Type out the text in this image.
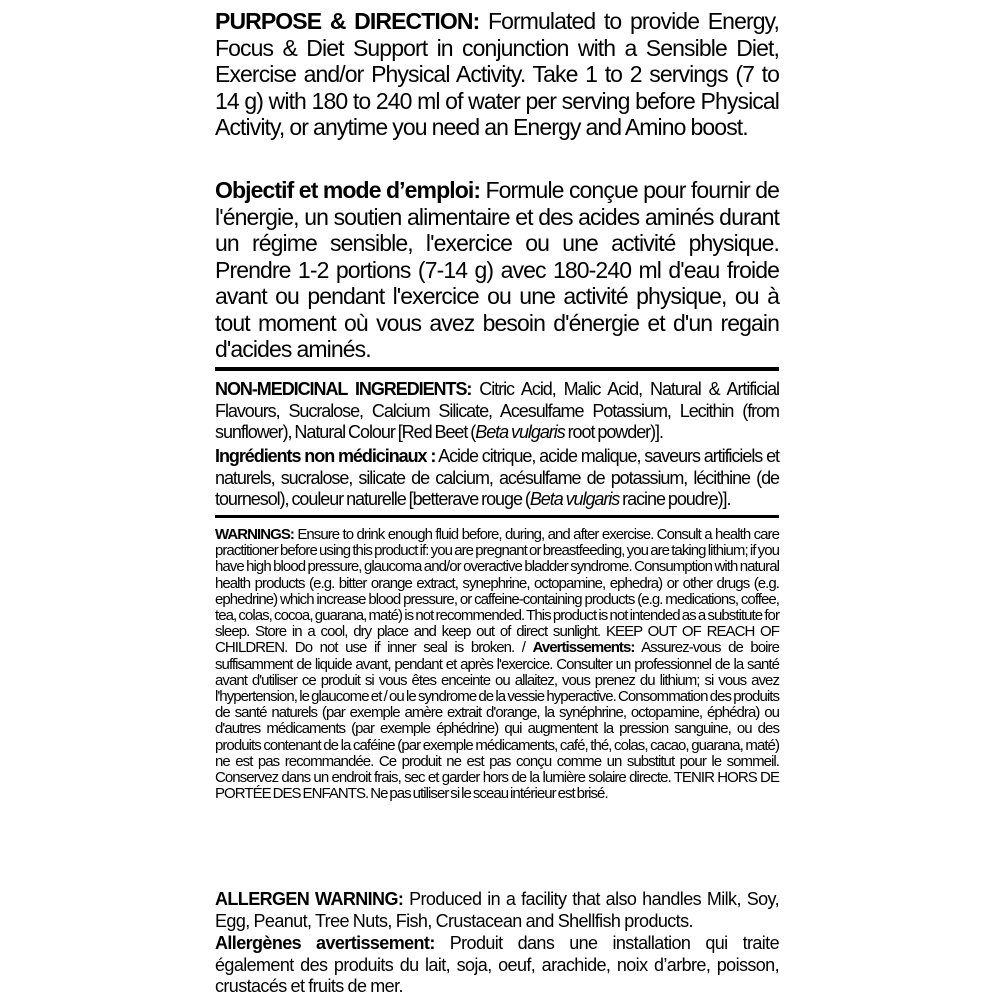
PURPOSE & DIRECTION: Formulated to provide Energy, Focus & Diet Support in conjunction with a Sensible Diet, Exercise and/or Physical Activity. Take 1 to 2 servings (7 to 14 g) with 180 to 240 ml of water per serving before Physical Activity, or anytime you need an Energy and Amino boost.
Objectif et mode d’emploi: Formule conçue pour fournir de l'énergie, un soutien alimentaire et des acides aminés durant un régime sensible, l'exercice ou une activité physique. Prendre 1-2 portions (7-14 g) avec 180-240 ml d'eau froide avant ou pendant l'exercice ou une activité physique, ou à tout moment où vous avez besoin d'énergie et d'un regain d'acides aminés.
NON-MEDICINAL INGREDIENTS: Citric Acid, Malic Acid, Natural & Artificial Flavours, Sucralose, Calcium Silicate, Acesulfame Potassium, Lecithin (from sunflower), Natural Colour [Red Beet (Beta vulgaris root powder)].
Ingrédients non médicinaux : Acide citrique, acide malique, saveurs artificiels et naturels, sucralose, silicate de calcium, acésulfame de potassium, lécithine (de tournesol), couleur naturelle [betterave rouge (Beta vulgaris racine poudre)].
WARNINGS: Ensure to drink enough fluid before, during, and after exercise. Consult a health care practitioner before using this product if: you are pregnant or breastfeeding, you are taking lithium; if you have high blood pressure, glaucoma and/or overactive bladder syndrome. Consumption with natural health products (e.g. bitter orange extract, synephrine, octopamine, ephedra) or other drugs (e.g. ephedrine) which increase blood pressure, or caffeine-containing products (e.g. medications, coffee, tea, colas, cocoa, guarana, maté) is not recommended. This product is not intended as a substitute for sleep. Store in a cool, dry place and keep out of direct sunlight. KEEP OUT OF REACH OF CHILDREN. Do not use if inner seal is broken. / Avertissements: Assurez-vous de boire suffisamment de liquide avant, pendant et après l'exercice. Consulter un professionnel de la santé avant d'utiliser ce produit si vous êtes enceinte ou allaitez, vous prenez du lithium; si vous avez l'hypertension, le glaucome et / ou le syndrome de la vessie hyperactive. Consommation des produits de santé naturels (par exemple amère extrait d'orange, la synéphrine, octopamine, éphédra) ou d'autres médicaments (par exemple éphédrine) qui augmentent la pression sanguine, ou des produits contenant de la caféine (par exemple médicaments, café, thé, colas, cacao, guarana, maté) ne est pas recommandée. Ce produit ne est pas conçu comme un substitut pour le sommeil. Conservez dans un endroit frais, sec et garder hors de la lumière solaire directe. TENIR HORS DE PORTÉE DES ENFANTS. Ne pas utiliser si le sceau intérieur est brisé.
ALLERGEN WARNING: Produced in a facility that also handles Milk, Soy, Egg, Peanut, Tree Nuts, Fish, Crustacean and Shellfish products.
Allergènes avertissement: Produit dans une installation qui traite également des produits du lait, soja, oeuf, arachide, noix d’arbre, poisson, crustacés et fruits de mer.
